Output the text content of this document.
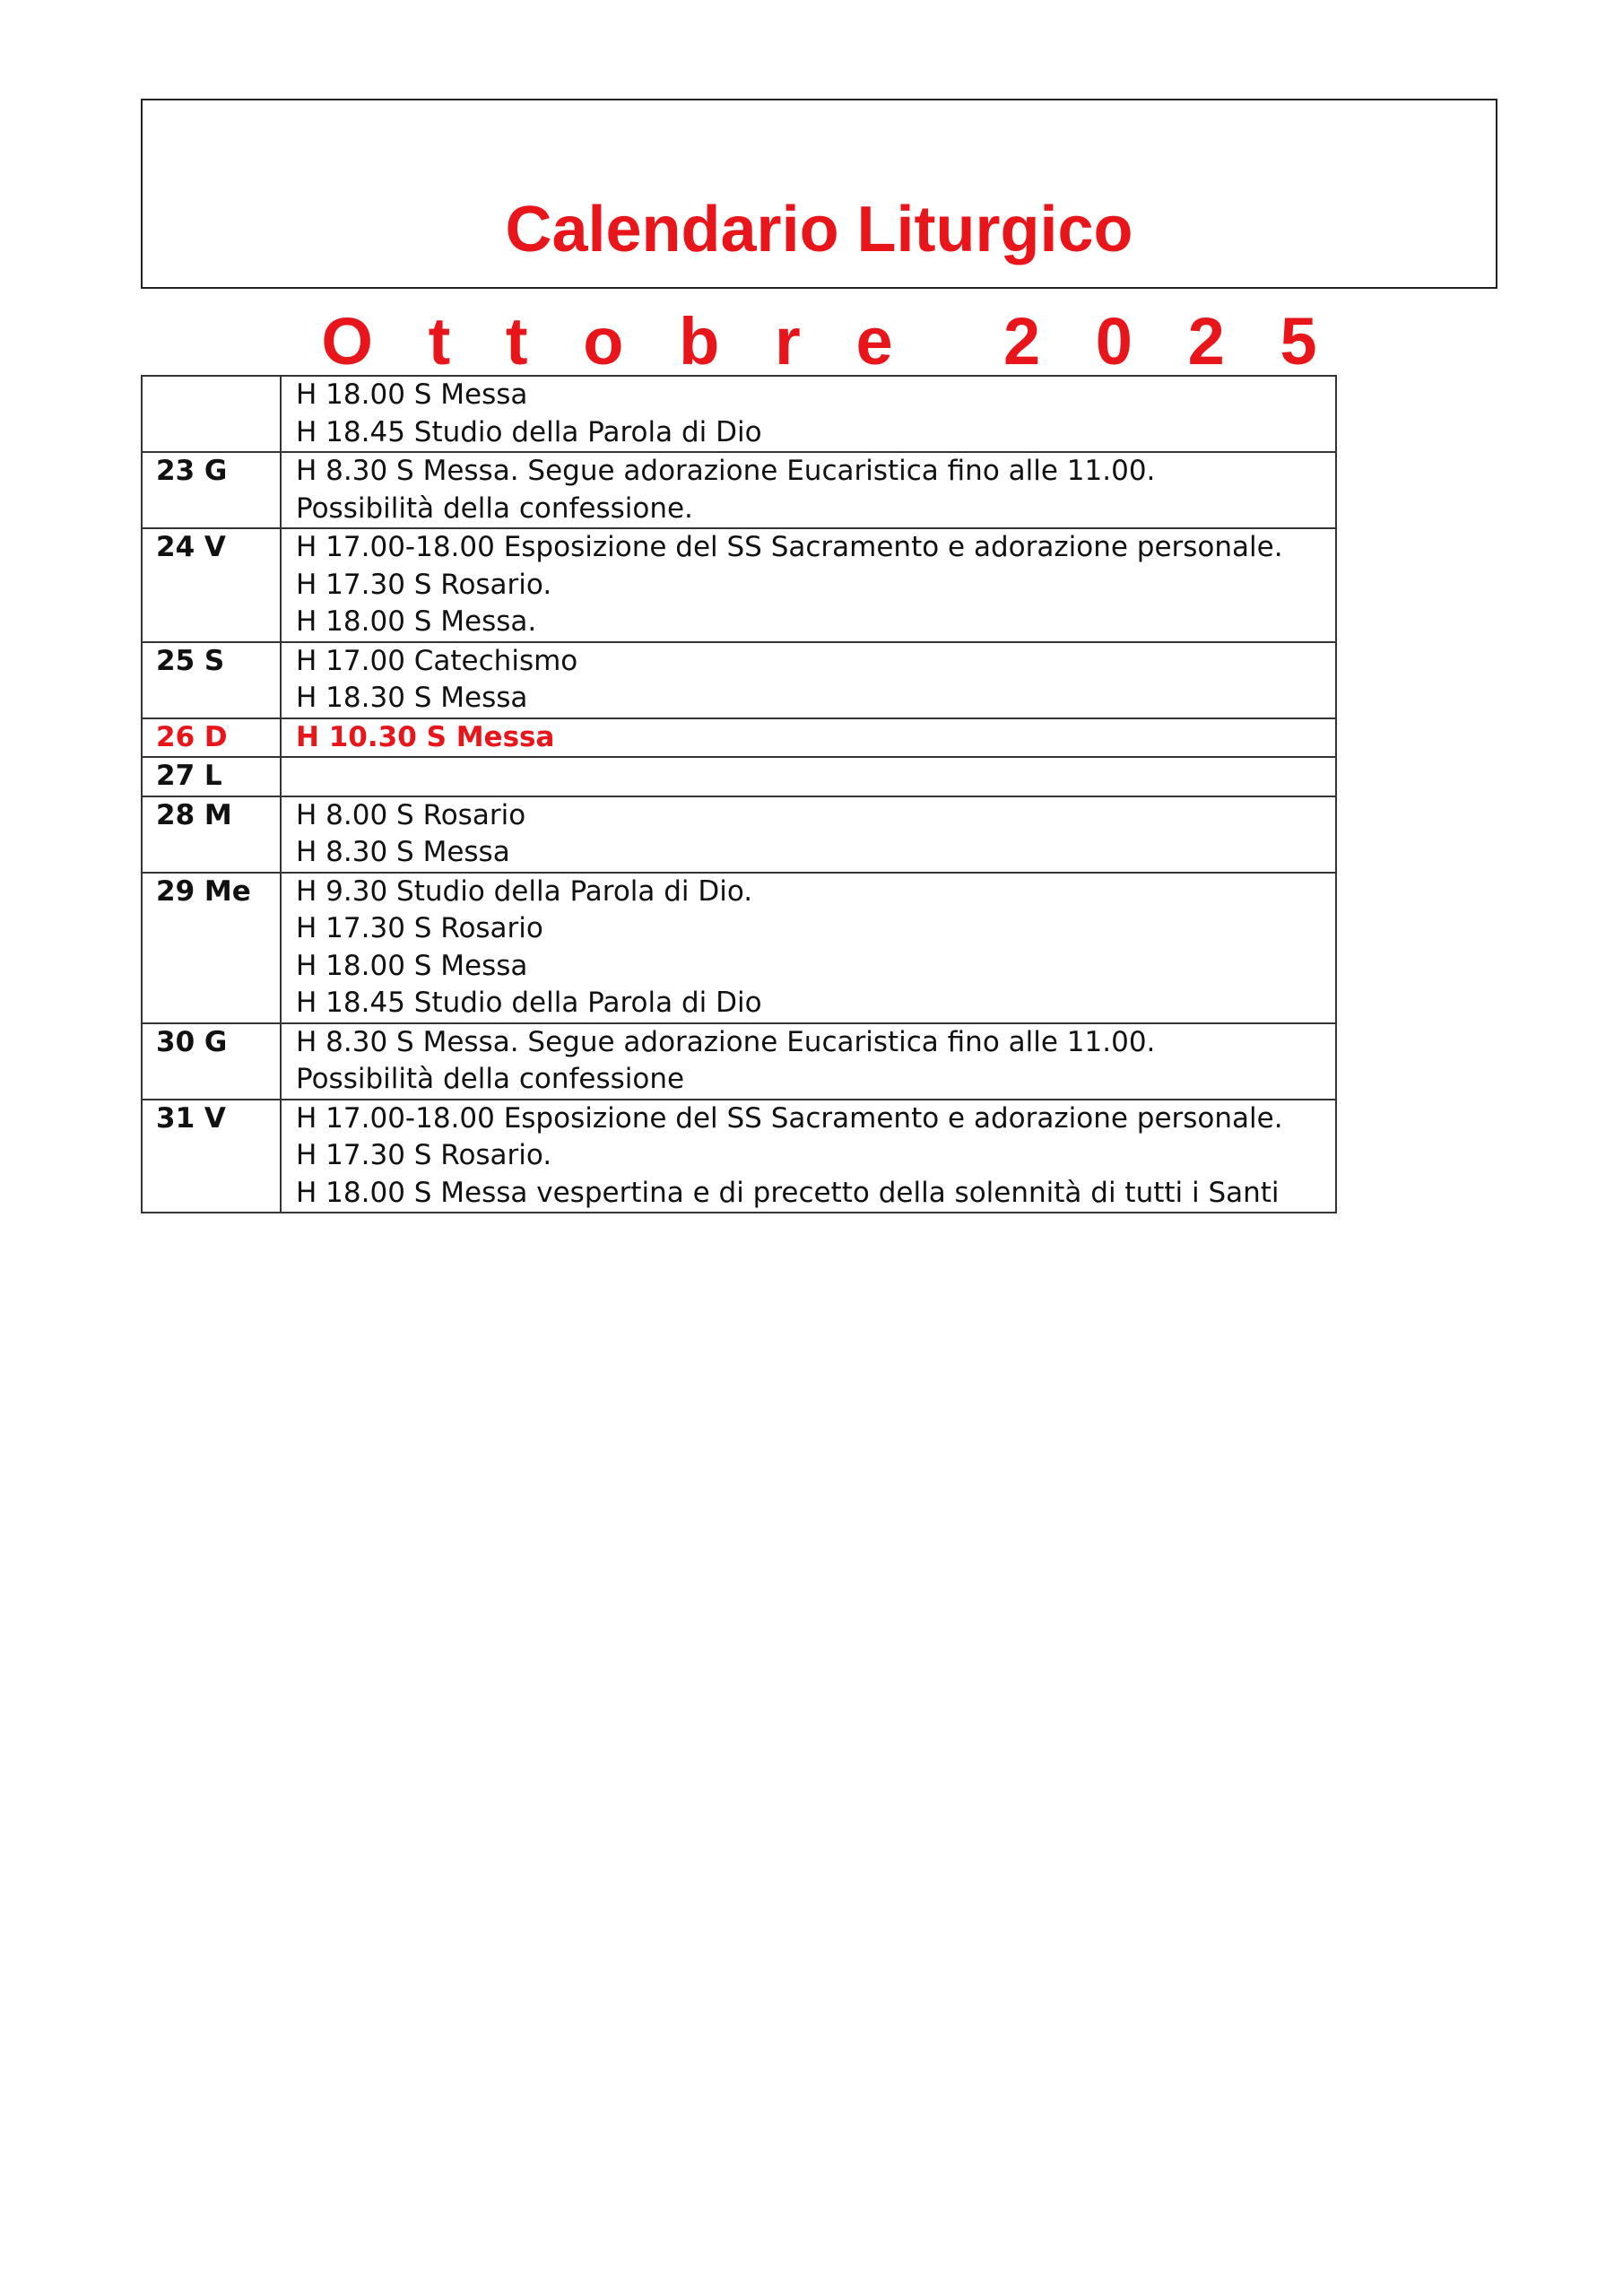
Calendario Liturgico
O   t   t   o   b   r   e      2   0   2   5

	H 18.00 S Messa
H 18.45 Studio della Parola di Dio

23 G	H 8.30 S Messa. Segue adorazione Eucaristica fino alle 11.00.
Possibilità della confessione.

24 V	H 17.00-18.00 Esposizione del SS Sacramento e adorazione personale.
H 17.30 S Rosario.
H 18.00 S Messa.

25 S	H 17.00 Catechismo
H 18.30 S Messa

26 D	H 10.30 S Messa

27 L	

28 M	H 8.00 S Rosario
H 8.30 S Messa

29 Me	H 9.30 Studio della Parola di Dio.
H 17.30 S Rosario
H 18.00 S Messa
H 18.45 Studio della Parola di Dio

30 G	H 8.30 S Messa. Segue adorazione Eucaristica fino alle 11.00.
Possibilità della confessione

31 V	H 17.00-18.00 Esposizione del SS Sacramento e adorazione personale.
H 17.30 S Rosario.
H 18.00 S Messa vespertina e di precetto della solennità di tutti i Santi
